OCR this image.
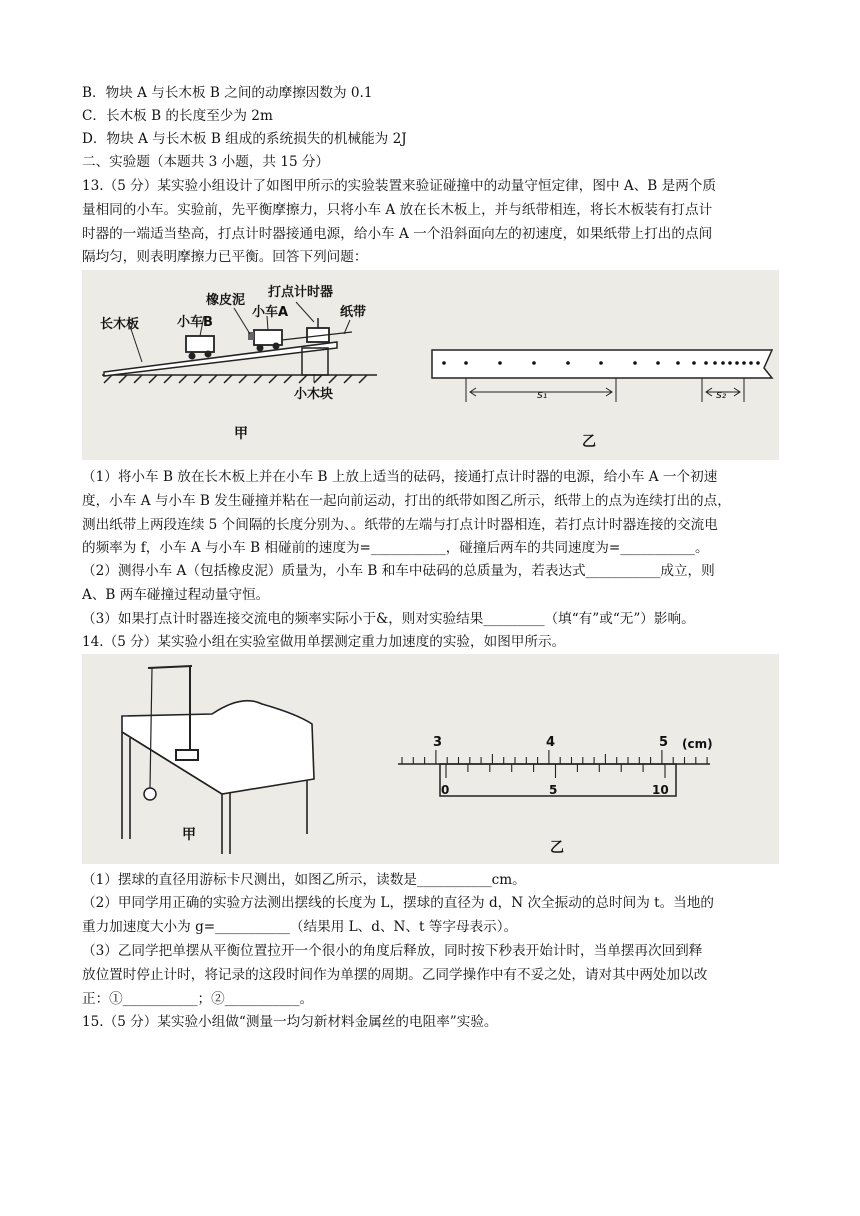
B．物块 A 与长木板 B 之间的动摩擦因数为 0.1
C．长木板 B 的长度至少为 2m
D．物块 A 与长木板 B 组成的系统损失的机械能为 2J
二、实验题（本题共 3 小题，共 15 分）
13.（5 分）某实验小组设计了如图甲所示的实验装置来验证碰撞中的动量守恒定律，图中 A、B 是两个质
量相同的小车。实验前，先平衡摩擦力，只将小车 A 放在长木板上，并与纸带相连，将长木板装有打点计
时器的一端适当垫高，打点计时器接通电源，给小车 A 一个沿斜面向左的初速度，如果纸带上打出的点间
隔均匀，则表明摩擦力已平衡。回答下列问题：
长木板
橡皮泥
打点计时器
小车B
小车A	纸带
小木块
甲
s₁	s₂
乙
（1）将小车 B 放在长木板上并在小车 B 上放上适当的砝码，接通打点计时器的电源，给小车 A 一个初速
度，小车 A 与小车 B 发生碰撞并粘在一起向前运动，打出的纸带如图乙所示，纸带上的点为连续打出的点，
测出纸带上两段连续 5 个间隔的长度分别为、。纸带的左端与打点计时器相连，若打点计时器连接的交流电
的频率为 f，小车 A 与小车 B 相碰前的速度为=___________，碰撞后两车的共同速度为=___________。
（2）测得小车 A（包括橡皮泥）质量为，小车 B 和车中砝码的总质量为，若表达式___________成立，则
A、B 两车碰撞过程动量守恒。
（3）如果打点计时器连接交流电的频率实际小于&，则对实验结果_________（填“有”或“无”）影响。
14.（5 分）某实验小组在实验室做用单摆测定重力加速度的实验，如图甲所示。
甲
3	4	5 (cm)
0	5	10
乙
（1）摆球的直径用游标卡尺测出，如图乙所示，读数是___________cm。
（2）甲同学用正确的实验方法测出摆线的长度为 L，摆球的直径为 d，N 次全振动的总时间为 t。当地的
重力加速度大小为 g=___________（结果用 L、d、N、t 等字母表示）。
（3）乙同学把单摆从平衡位置拉开一个很小的角度后释放，同时按下秒表开始计时，当单摆再次回到释
放位置时停止计时，将记录的这段时间作为单摆的周期。乙同学操作中有不妥之处，请对其中两处加以改
正：①___________；②___________。
15.（5 分）某实验小组做“测量一均匀新材料金属丝的电阻率”实验。
